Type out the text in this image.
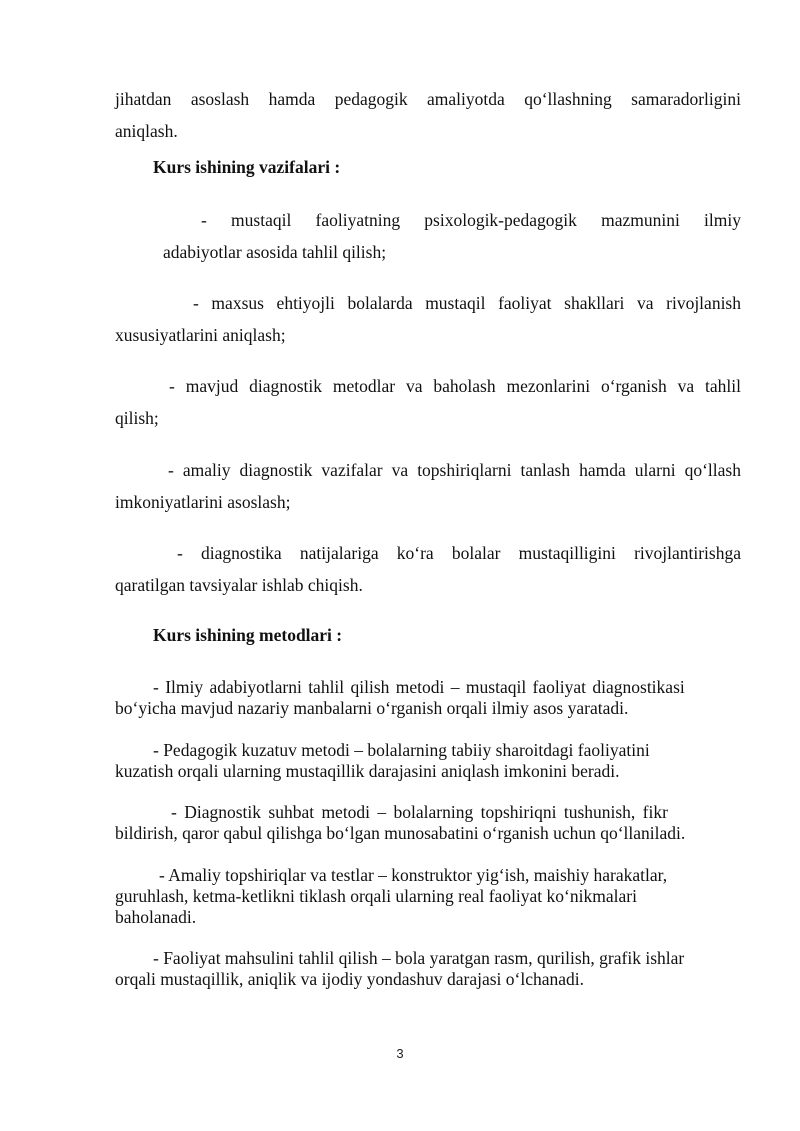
jihatdan asoslash hamda pedagogik amaliyotda qo‘llashning samaradorligini
aniqlash.

Kurs ishining vazifalari :

- mustaqil faoliyatning psixologik-pedagogik mazmunini ilmiy
adabiyotlar asosida tahlil qilish;

- maxsus ehtiyojli bolalarda mustaqil faoliyat shakllari va rivojlanish
xususiyatlarini aniqlash;

- mavjud diagnostik metodlar va baholash mezonlarini o‘rganish va tahlil
qilish;

- amaliy diagnostik vazifalar va topshiriqlarni tanlash hamda ularni qo‘llash
imkoniyatlarini asoslash;

- diagnostika natijalariga ko‘ra bolalar mustaqilligini rivojlantirishga
qaratilgan tavsiyalar ishlab chiqish.

Kurs ishining metodlari :

- Ilmiy adabiyotlarni tahlil qilish metodi – mustaqil faoliyat diagnostikasi
bo‘yicha mavjud nazariy manbalarni o‘rganish orqali ilmiy asos yaratadi.

- Pedagogik kuzatuv metodi – bolalarning tabiiy sharoitdagi faoliyatini
kuzatish orqali ularning mustaqillik darajasini aniqlash imkonini beradi.

- Diagnostik suhbat metodi – bolalarning topshiriqni tushunish, fikr
bildirish, qaror qabul qilishga bo‘lgan munosabatini o‘rganish uchun qo‘llaniladi.

- Amaliy topshiriqlar va testlar – konstruktor yig‘ish, maishiy harakatlar,
guruhlash, ketma-ketlikni tiklash orqali ularning real faoliyat ko‘nikmalari
baholanadi.

- Faoliyat mahsulini tahlil qilish – bola yaratgan rasm, qurilish, grafik ishlar
orqali mustaqillik, aniqlik va ijodiy yondashuv darajasi o‘lchanadi.

3
